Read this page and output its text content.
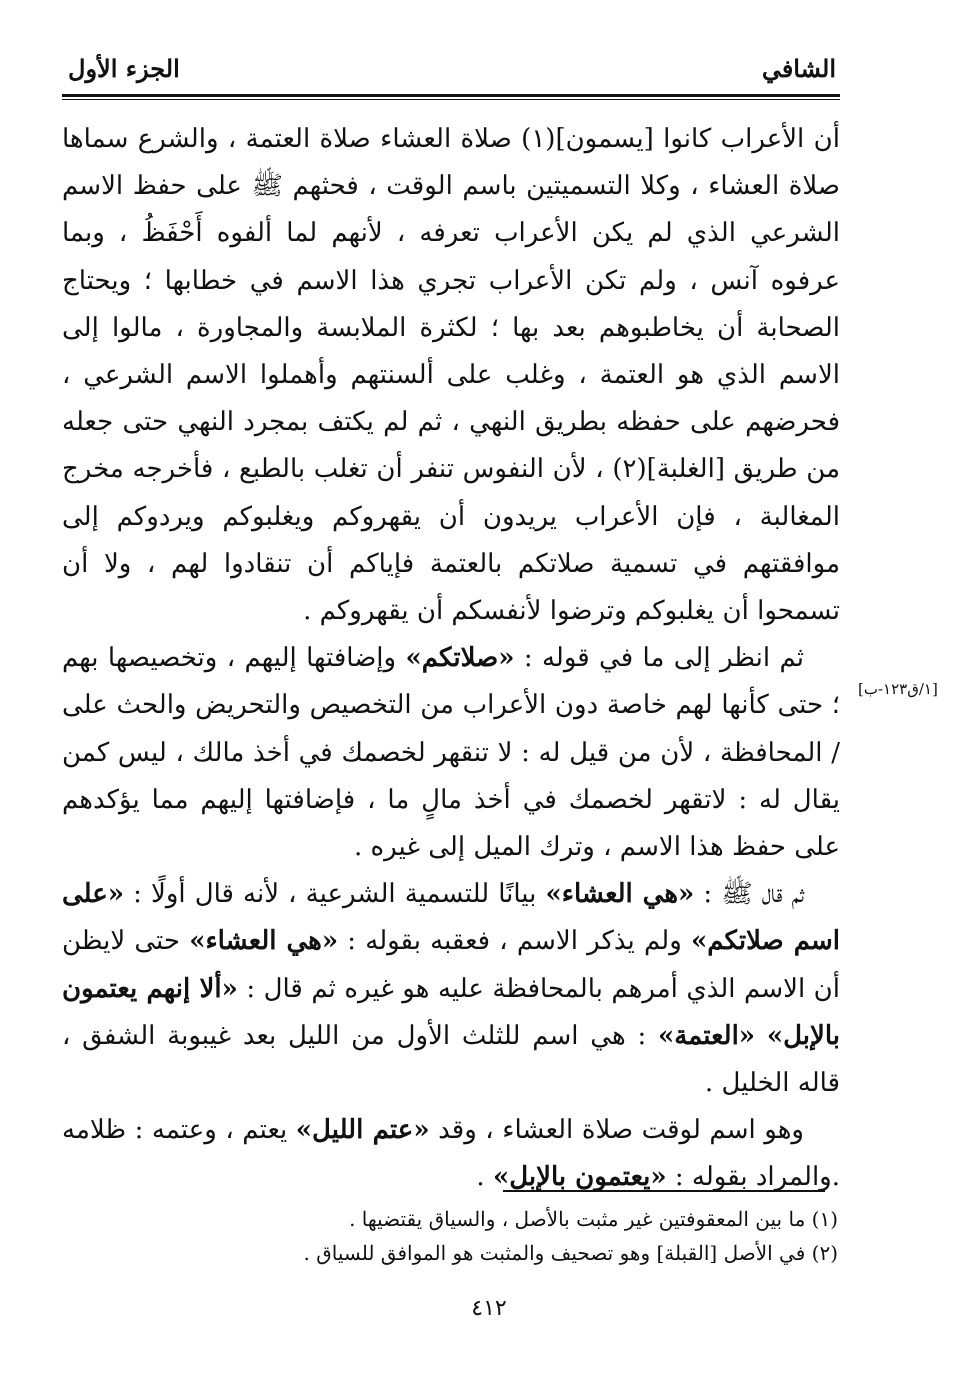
الشافي
الجزء الأول

أن الأعراب كانوا [يسمون](١) صلاة العشاء صلاة العتمة ، والشرع سماها صلاة العشاء ، وكلا التسميتين باسم الوقت ، فحثهم ﷺ على حفظ الاسم الشرعي الذي لم يكن الأعراب تعرفه ، لأنهم لما ألفوه أَحْفَظُ ، وبما عرفوه آنس ، ولم تكن الأعراب تجري هذا الاسم في خطابها ؛ ويحتاج الصحابة أن يخاطبوهم بعد بها ؛ لكثرة الملابسة والمجاورة ، مالوا إلى الاسم الذي هو العتمة ، وغلب على ألسنتهم وأهملوا الاسم الشرعي ، فحرضهم على حفظه بطريق النهي ، ثم لم يكتف بمجرد النهي حتى جعله من طريق [الغلبة](٢) ، لأن النفوس تنفر أن تغلب بالطبع ، فأخرجه مخرج المغالبة ، فإن الأعراب يريدون أن يقهروكم ويغلبوكم ويردوكم إلى موافقتهم في تسمية صلاتكم بالعتمة فإياكم أن تنقادوا لهم ، ولا أن تسمحوا أن يغلبوكم وترضوا لأنفسكم أن يقهروكم .

ثم انظر إلى ما في قوله : «صلاتكم» وإضافتها إليهم ، وتخصيصها بهم ؛ حتى كأنها لهم خاصة دون الأعراب من التخصيص والتحريض والحث على / المحافظة ، لأن من قيل له : لا تنقهر لخصمك في أخذ مالك ، ليس كمن يقال له : لاتقهر لخصمك في أخذ مالٍ ما ، فإضافتها إليهم مما يؤكدهم على حفظ هذا الاسم ، وترك الميل إلى غيره .

ثم قال ﷺ : «هي العشاء» بيانًا للتسمية الشرعية ، لأنه قال أولًا : «على اسم صلاتكم» ولم يذكر الاسم ، فعقبه بقوله : «هي العشاء» حتى لايظن أن الاسم الذي أمرهم بالمحافظة عليه هو غيره ثم قال : «ألا إنهم يعتمون بالإبل» «العتمة» : هي اسم للثلث الأول من الليل بعد غيبوبة الشفق ، قاله الخليل .

وهو اسم لوقت صلاة العشاء ، وقد «عتم الليل» يعتم ، وعتمه : ظلامه .والمراد بقوله : «يعتمون بالإبل» .

[١/ق١٢٣-ب]

(١) ما بين المعقوفتين غير مثبت بالأصل ، والسياق يقتضيها .

(٢) في الأصل [القبلة] وهو تصحيف والمثبت هو الموافق للسياق .

٤١٢
